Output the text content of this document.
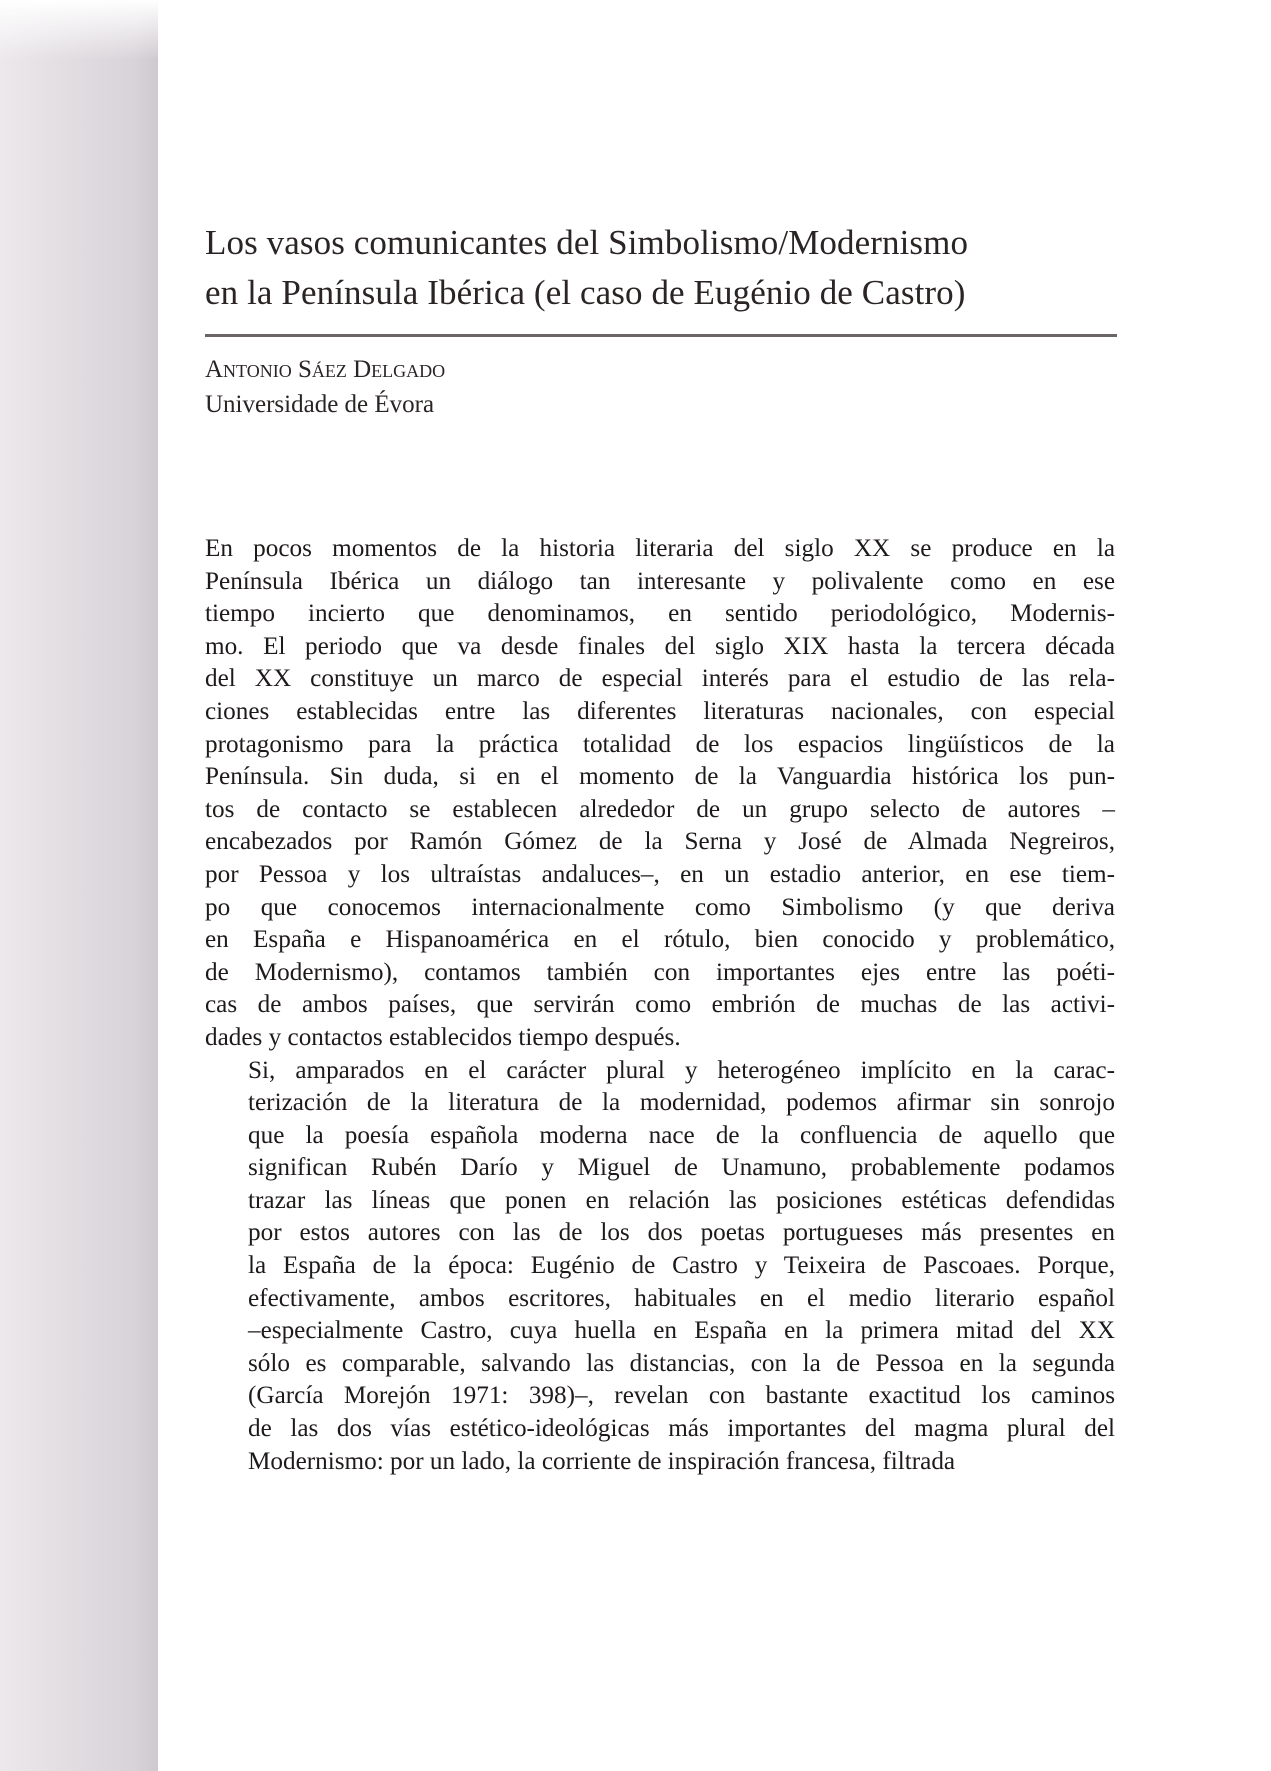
Los vasos comunicantes del Simbolismo/Modernismo
en la Península Ibérica (el caso de Eugénio de Castro)
Antonio Sáez Delgado
Universidade de Évora

En pocos momentos de la historia literaria del siglo XX se produce en la
Península Ibérica un diálogo tan interesante y polivalente como en ese
tiempo incierto que denominamos, en sentido periodológico, Modernis-
mo. El periodo que va desde finales del siglo XIX hasta la tercera década
del XX constituye un marco de especial interés para el estudio de las rela-
ciones establecidas entre las diferentes literaturas nacionales, con especial
protagonismo para la práctica totalidad de los espacios lingüísticos de la
Península. Sin duda, si en el momento de la Vanguardia histórica los pun-
tos de contacto se establecen alrededor de un grupo selecto de autores –
encabezados por Ramón Gómez de la Serna y José de Almada Negreiros,
por Pessoa y los ultraístas andaluces–, en un estadio anterior, en ese tiem-
po que conocemos internacionalmente como Simbolismo (y que deriva
en España e Hispanoamérica en el rótulo, bien conocido y problemático,
de Modernismo), contamos también con importantes ejes entre las poéti-
cas de ambos países, que servirán como embrión de muchas de las activi-
dades y contactos establecidos tiempo después.

Si, amparados en el carácter plural y heterogéneo implícito en la carac-
terización de la literatura de la modernidad, podemos afirmar sin sonrojo
que la poesía española moderna nace de la confluencia de aquello que
significan Rubén Darío y Miguel de Unamuno, probablemente podamos
trazar las líneas que ponen en relación las posiciones estéticas defendidas
por estos autores con las de los dos poetas portugueses más presentes en
la España de la época: Eugénio de Castro y Teixeira de Pascoaes. Porque,
efectivamente, ambos escritores, habituales en el medio literario español
–especialmente Castro, cuya huella en España en la primera mitad del XX
sólo es comparable, salvando las distancias, con la de Pessoa en la segunda
(García Morejón 1971: 398)–, revelan con bastante exactitud los caminos
de las dos vías estético-ideológicas más importantes del magma plural del
Modernismo: por un lado, la corriente de inspiración francesa, filtrada
